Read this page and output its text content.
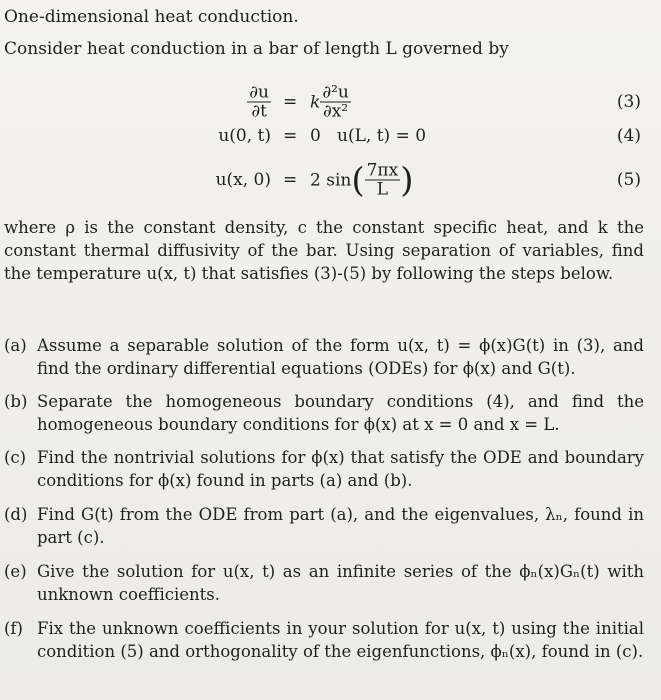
One-dimensional heat conduction.
Consider heat conduction in a bar of length L governed by
$\frac{\partial u}{\partial t} = k \frac{\text{∂²u}}{\text{∂x²}}$	(3)
u(0, t) = 0   u(L, t) = 0	(4)
u(x, 0) = 2 sin ( $\frac{7\pi x}{L}$ )	(5)
where ρ is the constant density, c the constant specific heat, and k the constant thermal diffusivity of the bar. Using separation of variables, find the temperature u(x, t) that satisfies (3)-(5) by following the steps below.
(a) Assume a separable solution of the form u(x, t) = ϕ(x)G(t) in (3), and find the ordinary differential equations (ODEs) for ϕ(x) and G(t).
(b) Separate the homogeneous boundary conditions (4), and find the homogeneous boundary conditions for ϕ(x) at x = 0 and x = L.
(c) Find the nontrivial solutions for ϕ(x) that satisfy the ODE and boundary conditions for ϕ(x) found in parts (a) and (b).
(d) Find G(t) from the ODE from part (a), and the eigenvalues, λₙ, found in part (c).
(e) Give the solution for u(x, t) as an infinite series of the ϕₙ(x)Gₙ(t) with unknown coefficients.
(f) Fix the unknown coefficients in your solution for u(x, t) using the initial condition (5) and orthogonality of the eigenfunctions, ϕₙ(x), found in (c).
